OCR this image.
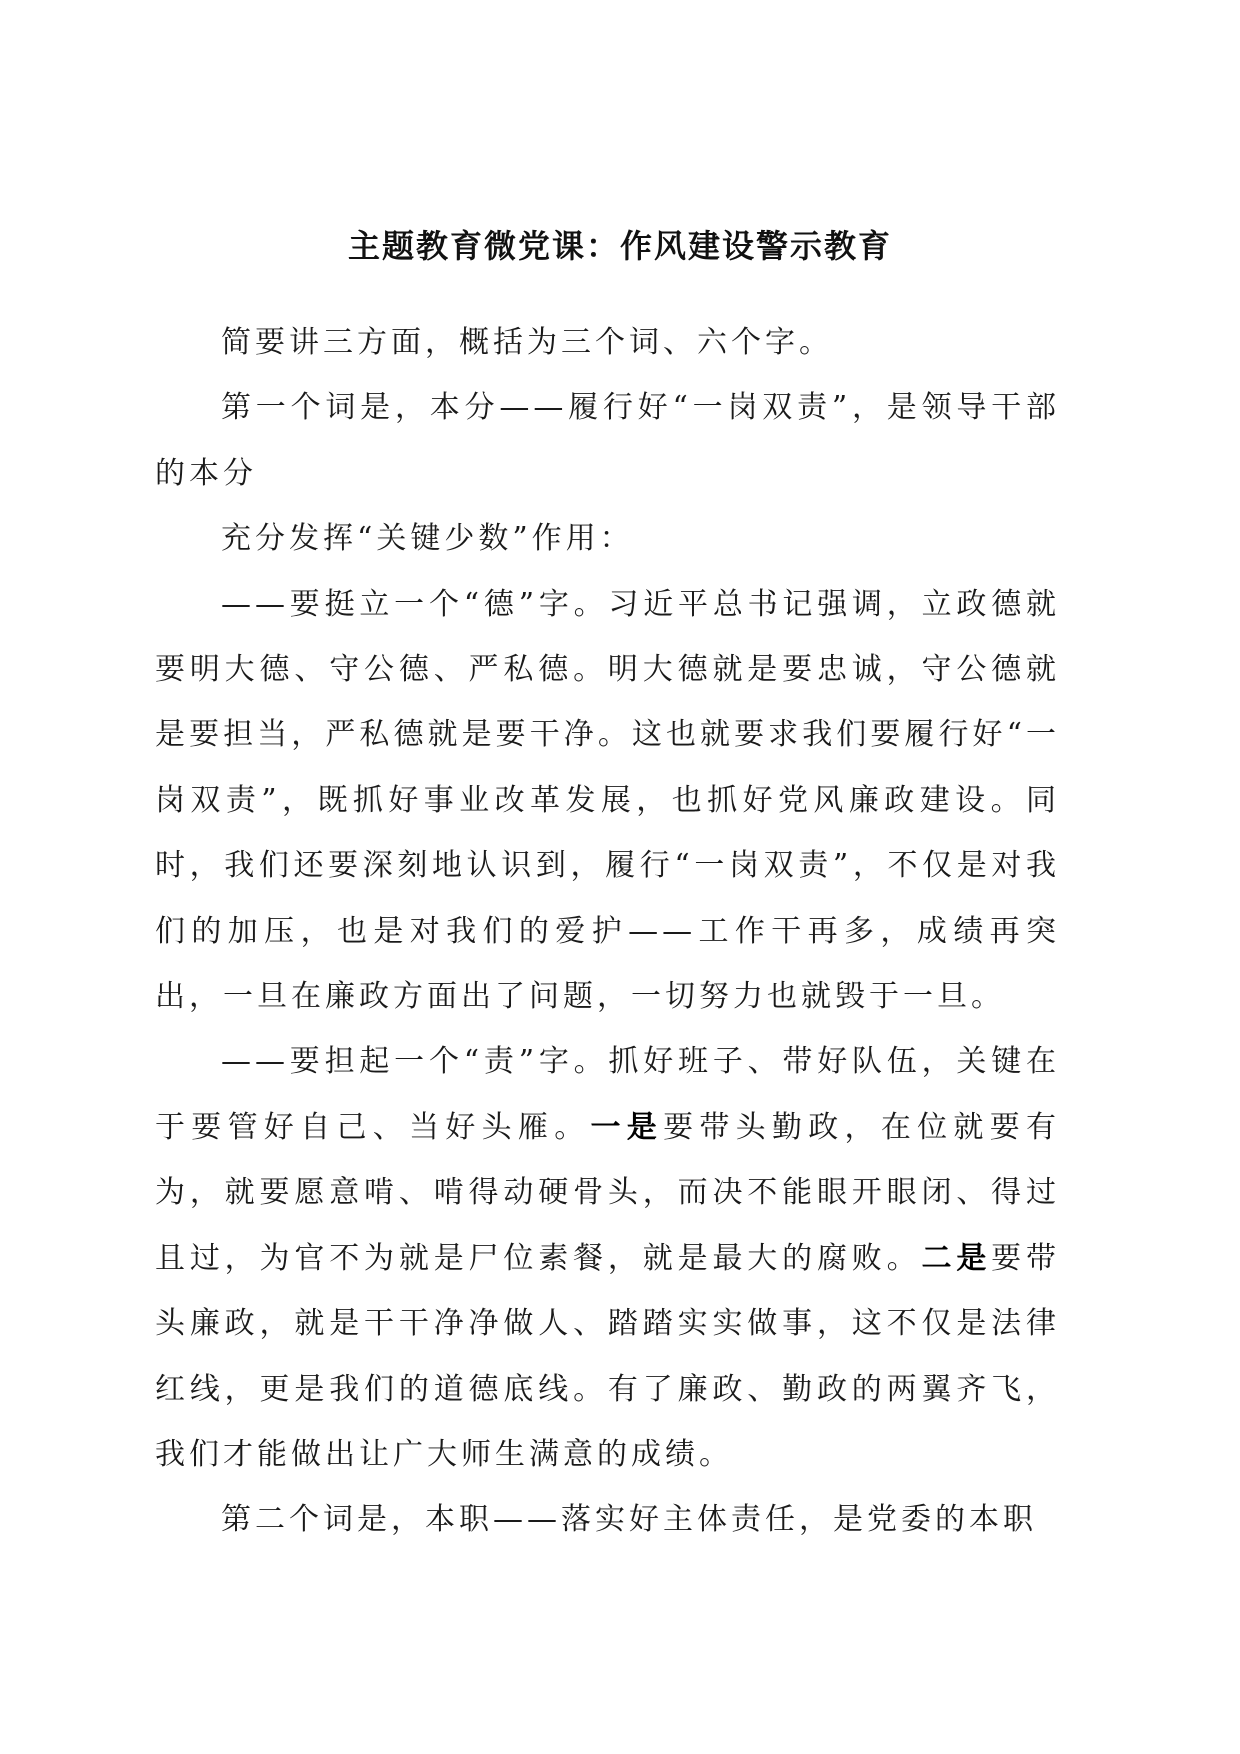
主题教育微党课：作风建设警示教育

简要讲三方面，概括为三个词、六个字。

第一个词是，本分——履行好“一岗双责”，是领导干部的本分

充分发挥“关键少数”作用：

——要挺立一个“德”字。习近平总书记强调，立政德就要明大德、守公德、严私德。明大德就是要忠诚，守公德就是要担当，严私德就是要干净。这也就要求我们要履行好“一岗双责”，既抓好事业改革发展，也抓好党风廉政建设。同时，我们还要深刻地认识到，履行“一岗双责”，不仅是对我们的加压，也是对我们的爱护——工作干再多，成绩再突出，一旦在廉政方面出了问题，一切努力也就毁于一旦。

——要担起一个“责”字。抓好班子、带好队伍，关键在于要管好自己、当好头雁。一是要带头勤政，在位就要有为，就要愿意啃、啃得动硬骨头，而决不能眼开眼闭、得过且过，为官不为就是尸位素餐，就是最大的腐败。二是要带头廉政，就是干干净净做人、踏踏实实做事，这不仅是法律红线，更是我们的道德底线。有了廉政、勤政的两翼齐飞，我们才能做出让广大师生满意的成绩。

第二个词是，本职——落实好主体责任，是党委的本职
